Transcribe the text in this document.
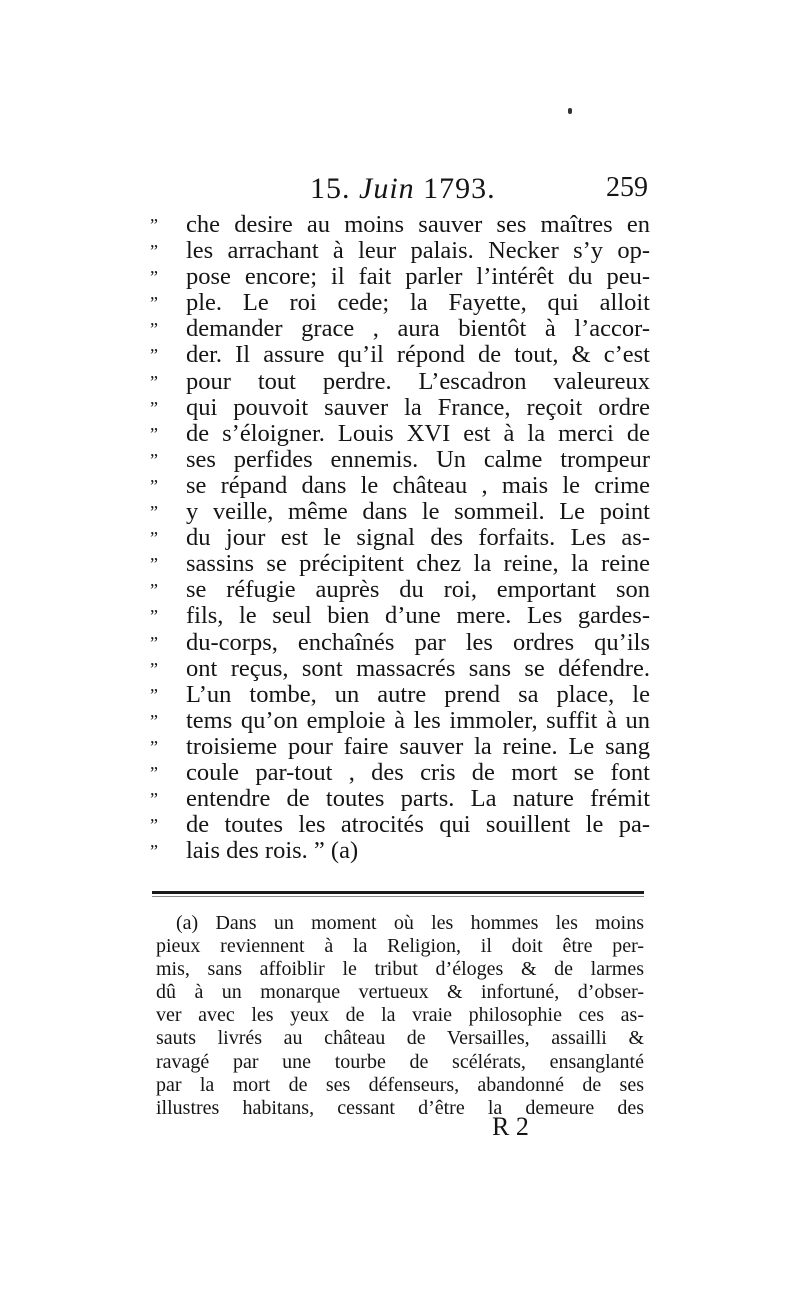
15. Juin 1793.	259
”	che desire au moins sauver ses maîtres en
”	les arrachant à leur palais. Necker s’y op-
”	pose encore; il fait parler l’intérêt du peu-
”	ple. Le roi cede; la Fayette, qui alloit
”	demander grace , aura bientôt à l’accor-
”	der. Il assure qu’il répond de tout, & c’est
”	pour tout perdre. L’escadron valeureux
”	qui pouvoit sauver la France, reçoit ordre
”	de s’éloigner. Louis XVI est à la merci de
”	ses perfides ennemis. Un calme trompeur
”	se répand dans le château , mais le crime
”	y veille, même dans le sommeil. Le point
”	du jour est le signal des forfaits. Les as-
”	sassins se précipitent chez la reine, la reine
”	se réfugie auprès du roi, emportant son
”	fils, le seul bien d’une mere. Les gardes-
”	du-corps, enchaînés par les ordres qu’ils
”	ont reçus, sont massacrés sans se défendre.
”	L’un tombe, un autre prend sa place, le
”	tems qu’on emploie à les immoler, suffit à un
”	troisieme pour faire sauver la reine. Le sang
”	coule par-tout , des cris de mort se font
”	entendre de toutes parts. La nature frémit
”	de toutes les atrocités qui souillent le pa-
”	lais des rois. ” (a)
(a) Dans un moment où les hommes les moins
pieux reviennent à la Religion, il doit être per-
mis, sans affoiblir le tribut d’éloges & de larmes
dû à un monarque vertueux & infortuné, d’obser-
ver avec les yeux de la vraie philosophie ces as-
sauts livrés au château de Versailles, assailli &
ravagé par une tourbe de scélérats, ensanglanté
par la mort de ses défenseurs, abandonné de ses
illustres habitans, cessant d’être la demeure des
R 2
